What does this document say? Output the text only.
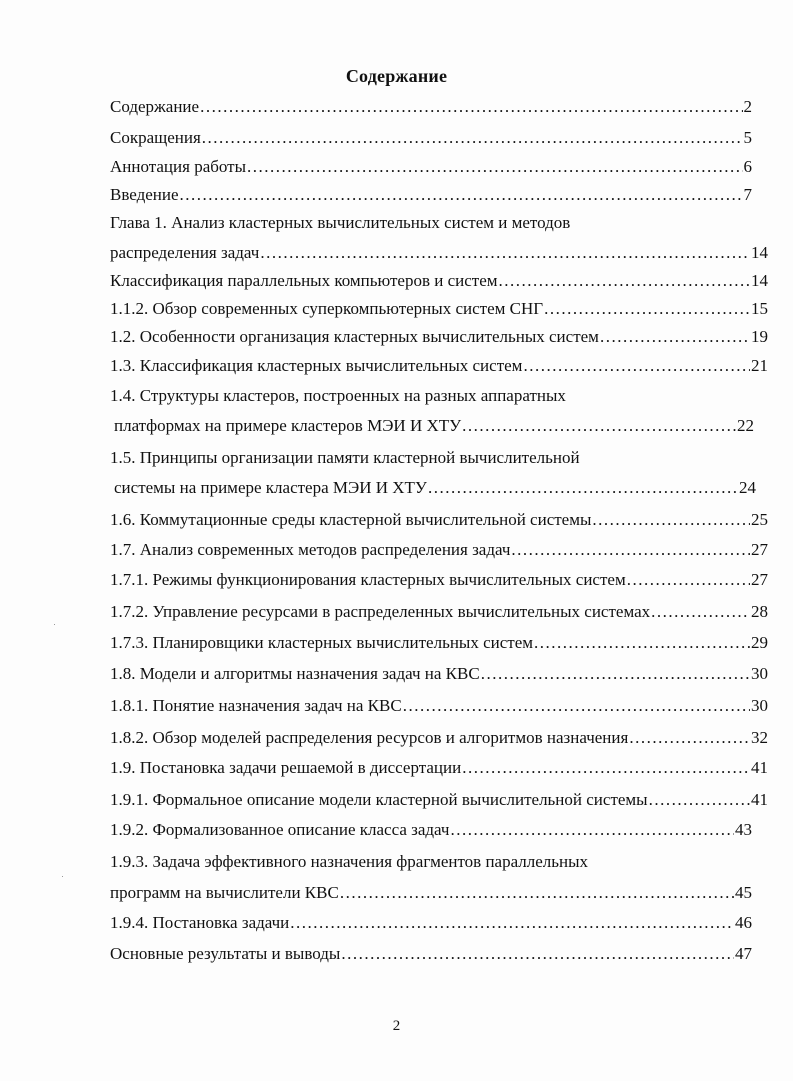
Содержание
Содержание .....	2
Сокращения .....	5
Аннотация работы .....	6
Введение .....	7
Глава 1. Анализ кластерных вычислительных систем и методов
распределения задач .....	14
Классификация параллельных компьютеров и систем .....	14
1.1.2. Обзор современных суперкомпьютерных систем СНГ .....	15
1.2. Особенности организация кластерных вычислительных систем .....	19
1.3. Классификация кластерных вычислительных систем .....	21
1.4. Структуры кластеров, построенных на разных аппаратных
платформах на примере кластеров МЭИ И ХТУ .....	22
1.5. Принципы организации памяти кластерной вычислительной
системы на примере кластера МЭИ И ХТУ .....	24
1.6. Коммутационные среды кластерной вычислительной системы .....	25
1.7. Анализ современных методов распределения задач .....	27
1.7.1. Режимы функционирования кластерных вычислительных систем .....	27
1.7.2. Управление ресурсами в распределенных вычислительных системах .....	28
1.7.3. Планировщики кластерных вычислительных систем .....	29
1.8. Модели и алгоритмы назначения задач на КВС .....	30
1.8.1. Понятие назначения задач на КВС .....	30
1.8.2. Обзор моделей распределения ресурсов и алгоритмов назначения .....	32
1.9. Постановка задачи решаемой в диссертации .....	41
1.9.1. Формальное описание модели кластерной вычислительной системы .....	41
1.9.2. Формализованное описание класса задач .....	43
1.9.3. Задача эффективного назначения фрагментов параллельных
программ на вычислители КВС .....	45
1.9.4. Постановка задачи .....	46
Основные результаты и выводы .....	47
2
